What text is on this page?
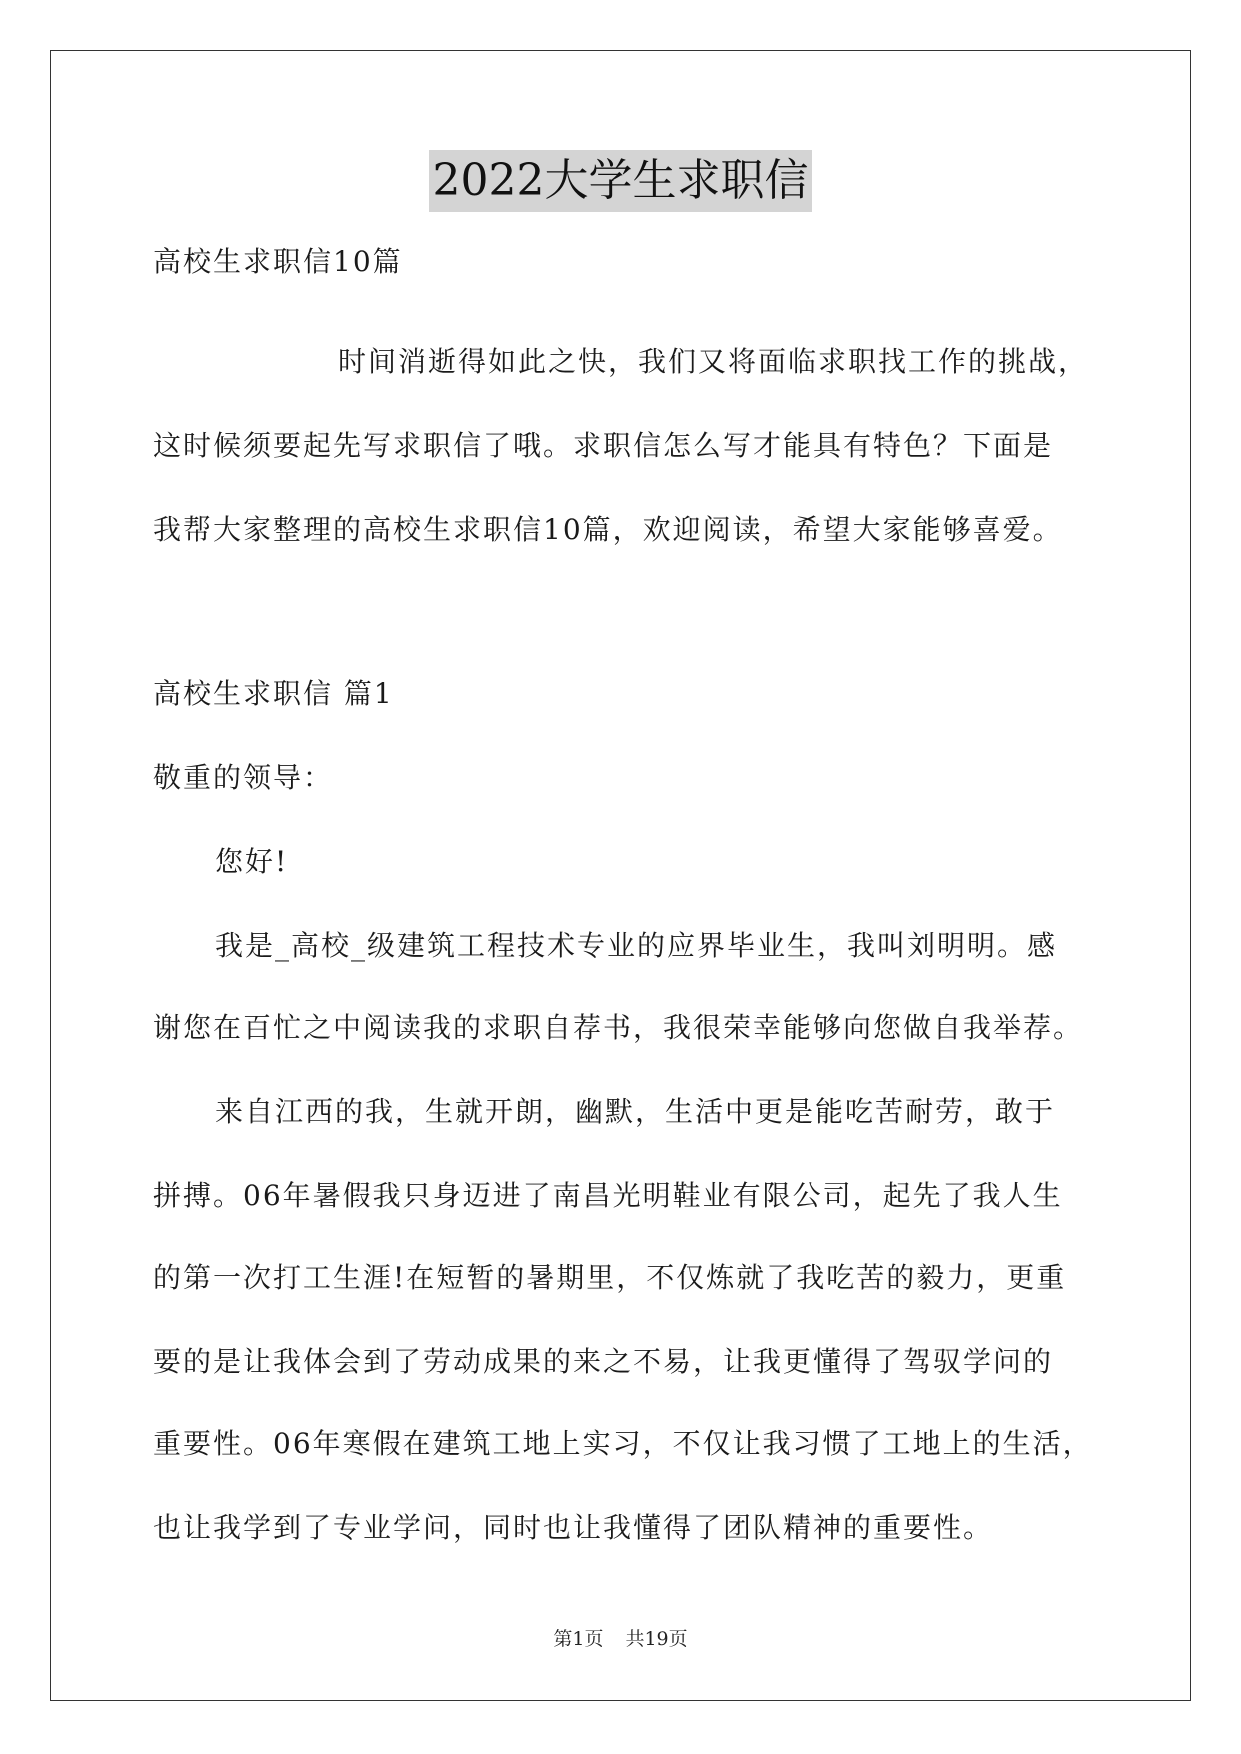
2022大学生求职信
高校生求职信10篇
时间消逝得如此之快，我们又将面临求职找工作的挑战，
这时候须要起先写求职信了哦。求职信怎么写才能具有特色？下面是
我帮大家整理的高校生求职信10篇，欢迎阅读，希望大家能够喜爱。
高校生求职信 篇1
敬重的领导：
您好!
我是_高校_级建筑工程技术专业的应界毕业生，我叫刘明明。感
谢您在百忙之中阅读我的求职自荐书，我很荣幸能够向您做自我举荐。
来自江西的我，生就开朗，幽默，生活中更是能吃苦耐劳，敢于
拼搏。06年暑假我只身迈进了南昌光明鞋业有限公司，起先了我人生
的第一次打工生涯!在短暂的暑期里，不仅炼就了我吃苦的毅力，更重
要的是让我体会到了劳动成果的来之不易，让我更懂得了驾驭学问的
重要性。06年寒假在建筑工地上实习，不仅让我习惯了工地上的生活，
也让我学到了专业学问，同时也让我懂得了团队精神的重要性。
第1页 共19页
